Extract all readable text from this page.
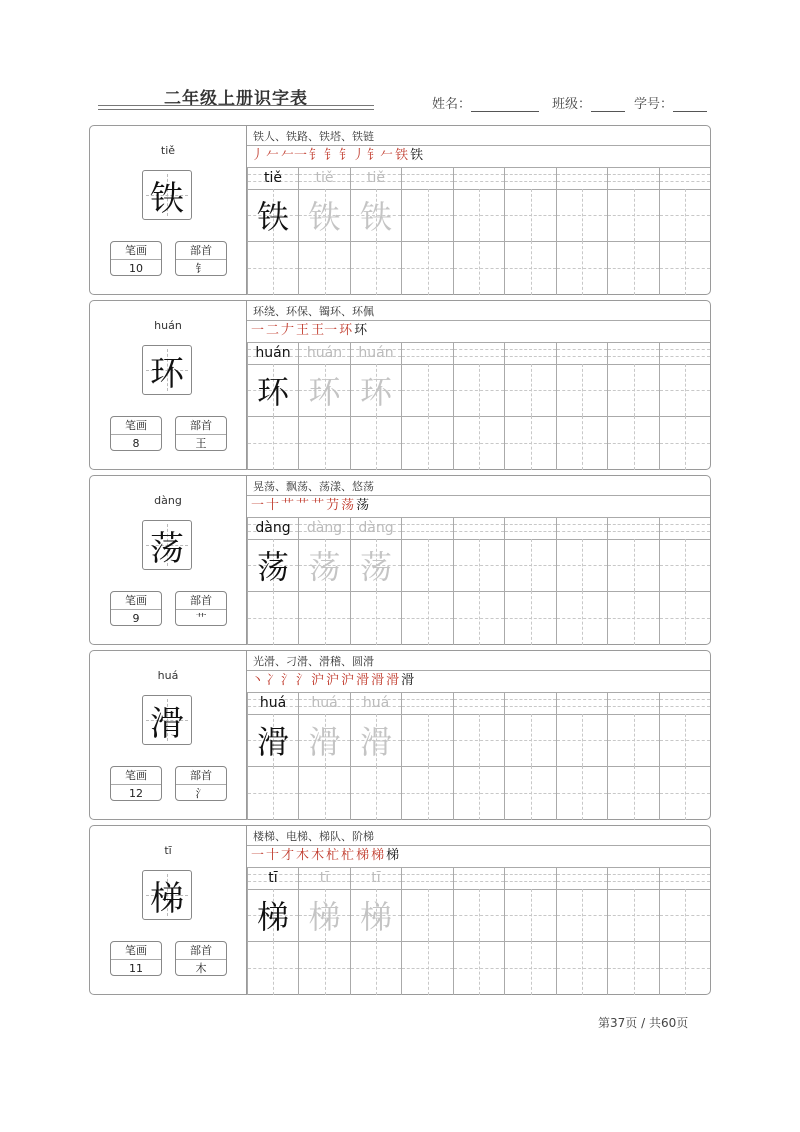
二年级上册识字表	姓名：	班级：	学号：
tiě
铁
笔画
10
部首
钅
铁人、铁路、铁塔、铁链
丿 𠂉 𠂉一 钅 钅 钅丿 钅𠂉 铁 铁
tiě
铁
tiě
铁
tiě
铁
huán
环
笔画
8
部首
王
环绕、环保、镯环、环佩
一 二 𠂇 王 王一 环 环
huán
环
huán
环
huán
环
dàng
荡
笔画
9
部首
艹
晃荡、飘荡、荡漾、悠荡
一 十 艹 艹 艹 芀 荡 荡
dàng
荡
dàng
荡
dàng
荡
huá
滑
笔画
12
部首
氵
光滑、刁滑、滑稽、圆滑
丶 冫 氵 氵 沪 沪 沪 滑 滑 滑 滑
huá
滑
huá
滑
huá
滑
tī
梯
笔画
11
部首
木
楼梯、电梯、梯队、阶梯
一 十 才 木 木 杧 杧 梯 梯 梯
tī
梯
tī
梯
tī
梯
第37页 / 共60页
